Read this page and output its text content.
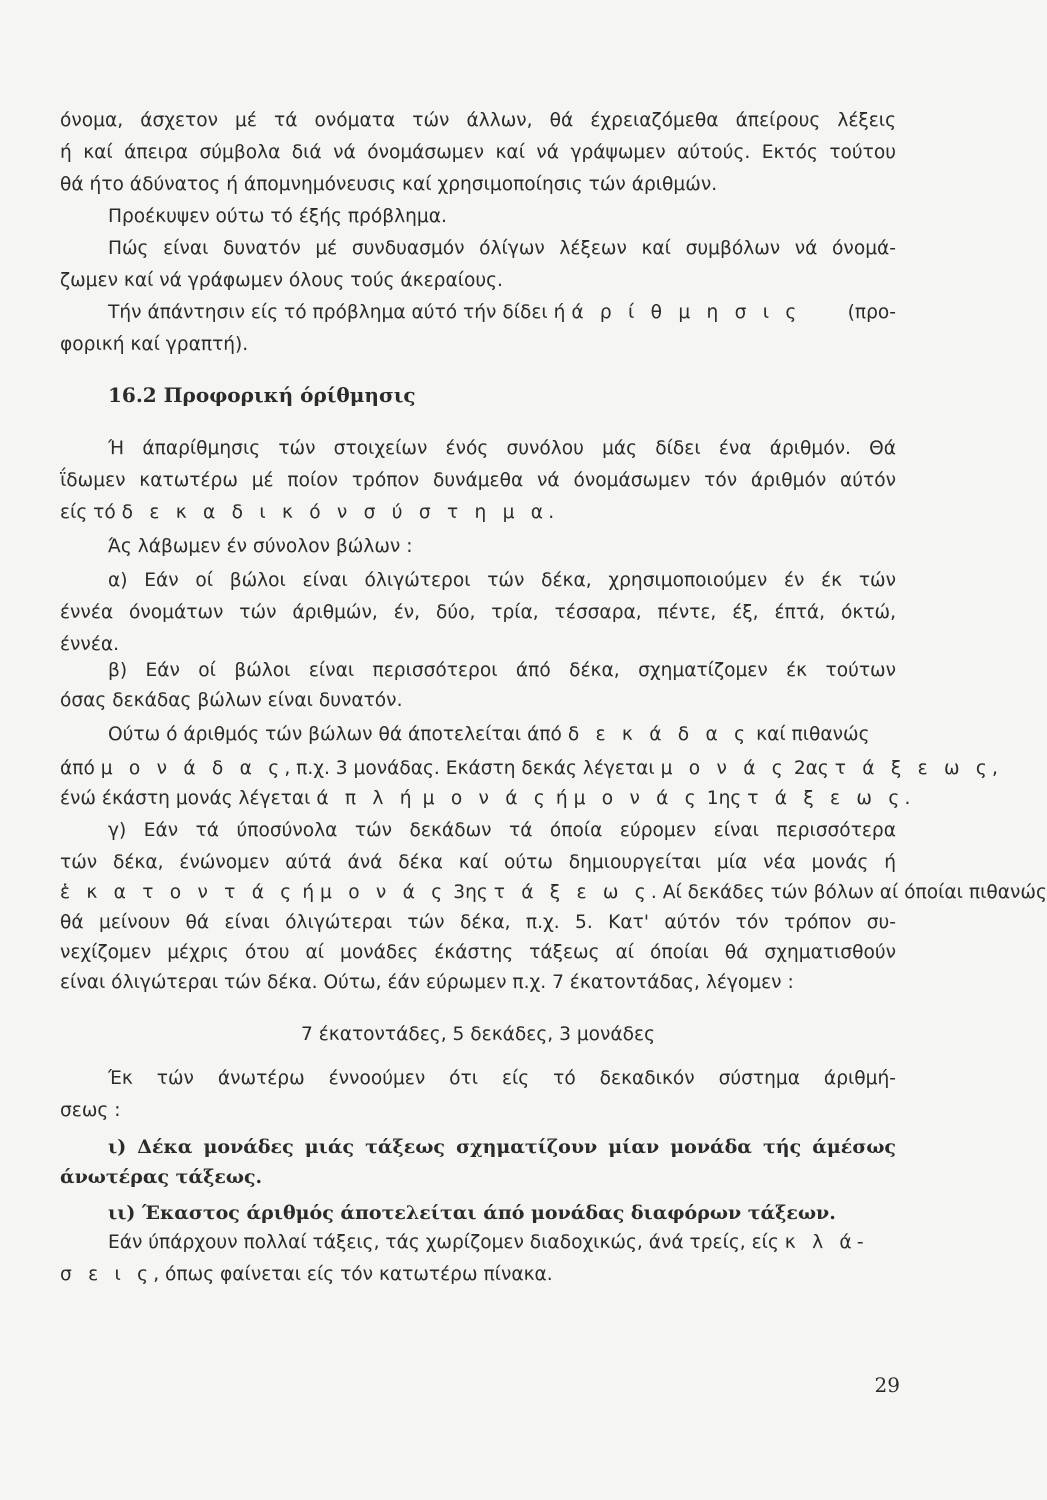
όνομα, άσχετον μέ τά ονόματα τών άλλων, θά έχρειαζόμεθα άπείρους λέξεις
ή καί άπειρα σύμβολα διά νά όνομάσωμεν καί νά γράψωμεν αύτούς. Εκτός τούτου
θά ήτο άδύνατος ή άπομνημόνευσις καί χρησιμοποίησις τών άριθμών.
Προέκυψεν ούτω τό έξής πρόβλημα.
Πώς είναι δυνατόν μέ συνδυασμόν όλίγων λέξεων καί συμβόλων νά όνομά-
ζωμεν καί νά γράφωμεν όλους τούς άκεραίους.
Τήν άπάντησιν είς τό πρόβλημα αύτό τήν δίδει ή ά ρ ί θ μ η σ ι ς (προ-
φορική καί γραπτή).
16.2 Προφορική όρίθμησις
Ή άπαρίθμησις τών στοιχείων ένός συνόλου μάς δίδει ένα άριθμόν. Θά
ΐδωμεν κατωτέρω μέ ποίον τρόπον δυνάμεθα νά όνομάσωμεν τόν άριθμόν αύτόν
είς τό δ ε κ α δ ι κ ό ν σ ύ σ τ η μ α.
Άς λάβωμεν έν σύνολον βώλων :
α) Εάν οί βώλοι είναι όλιγώτεροι τών δέκα, χρησιμοποιούμεν έν έκ τών
έννέα όνομάτων τών άριθμών, έν, δύο, τρία, τέσσαρα, πέντε, έξ, έπτά, όκτώ,
έννέα.
β) Εάν οί βώλοι είναι περισσότεροι άπό δέκα, σχηματίζομεν έκ τούτων
όσας δεκάδας βώλων είναι δυνατόν.
Ούτω ό άριθμός τών βώλων θά άποτελείται άπό δ ε κ ά δ α ς καί πιθανώς
άπό μ ο ν ά δ α ς, π.χ. 3 μονάδας. Εκάστη δεκάς λέγεται μ ο ν ά ς 2ας τ ά ξ ε ω ς,
ένώ έκάστη μονάς λέγεται ά π λ ή μ ο ν ά ς ή μ ο ν ά ς 1ης τ ά ξ ε ω ς.
γ) Εάν τά ύποσύνολα τών δεκάδων τά όποία εύρομεν είναι περισσότερα
τών δέκα, ένώνομεν αύτά άνά δέκα καί ούτω δημιουργείται μία νέα μονάς ή
ἑ κ α τ ο ν τ ά ς ή μ ο ν ά ς 3ης τ ά ξ ε ω ς. Αί δεκάδες τών βόλων αί όποίαι πιθανώς
θά μείνουν θά είναι όλιγώτεραι τών δέκα, π.χ. 5. Κατ' αύτόν τόν τρόπον συ-
νεχίζομεν μέχρις ότου αί μονάδες έκάστης τάξεως αί όποίαι θά σχηματισθούν
είναι όλιγώτεραι τών δέκα. Ούτω, έάν εύρωμεν π.χ. 7 έκατοντάδας, λέγομεν :
7 έκατοντάδες, 5 δεκάδες, 3 μονάδες
Έκ τών άνωτέρω έννοούμεν ότι είς τό δεκαδικόν σύστημα άριθμή-
σεως :
ι) Δέκα μονάδες μιάς τάξεως σχηματίζουν μίαν μονάδα τής άμέσως
άνωτέρας τάξεως.
ιι) Έκαστος άριθμός άποτελείται άπό μονάδας διαφόρων τάξεων.
Εάν ύπάρχουν πολλαί τάξεις, τάς χωρίζομεν διαδοχικώς, άνά τρείς, είς κ λ ά-
σ ε ι ς, όπως φαίνεται είς τόν κατωτέρω πίνακα.
29
